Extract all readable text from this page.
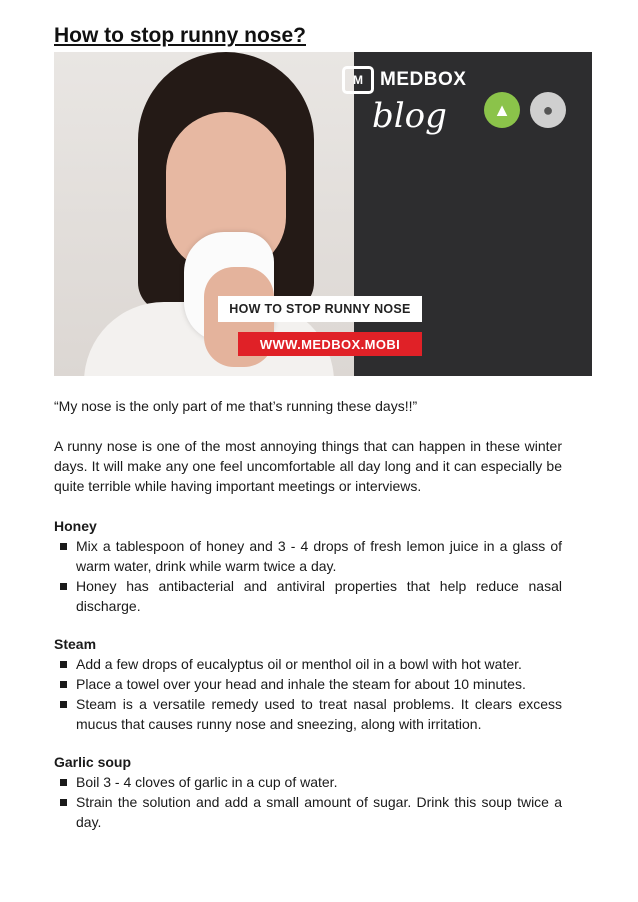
How to stop runny nose?
M MEDBOX
blog	▲	●
HOW TO STOP RUNNY NOSE
WWW.MEDBOX.MOBI

“My nose is the only part of me that’s running these days!!”

A runny nose is one of the most annoying things that can happen in these winter days. It will make any one feel uncomfortable all day long and it can especially be quite terrible while having important meetings or interviews.

Honey

Mix a tablespoon of honey and 3 - 4 drops of fresh lemon juice in a glass of warm water, drink while warm twice a day.
Honey has antibacterial and antiviral properties that help reduce nasal discharge.

Steam

Add a few drops of eucalyptus oil or menthol oil in a bowl with hot water.
Place a towel over your head and inhale the steam for about 10 minutes.
Steam is a versatile remedy used to treat nasal problems. It clears excess mucus that causes runny nose and sneezing, along with irritation.

Garlic soup

Boil 3 - 4 cloves of garlic in a cup of water.
Strain the solution and add a small amount of sugar. Drink this soup twice a day.
